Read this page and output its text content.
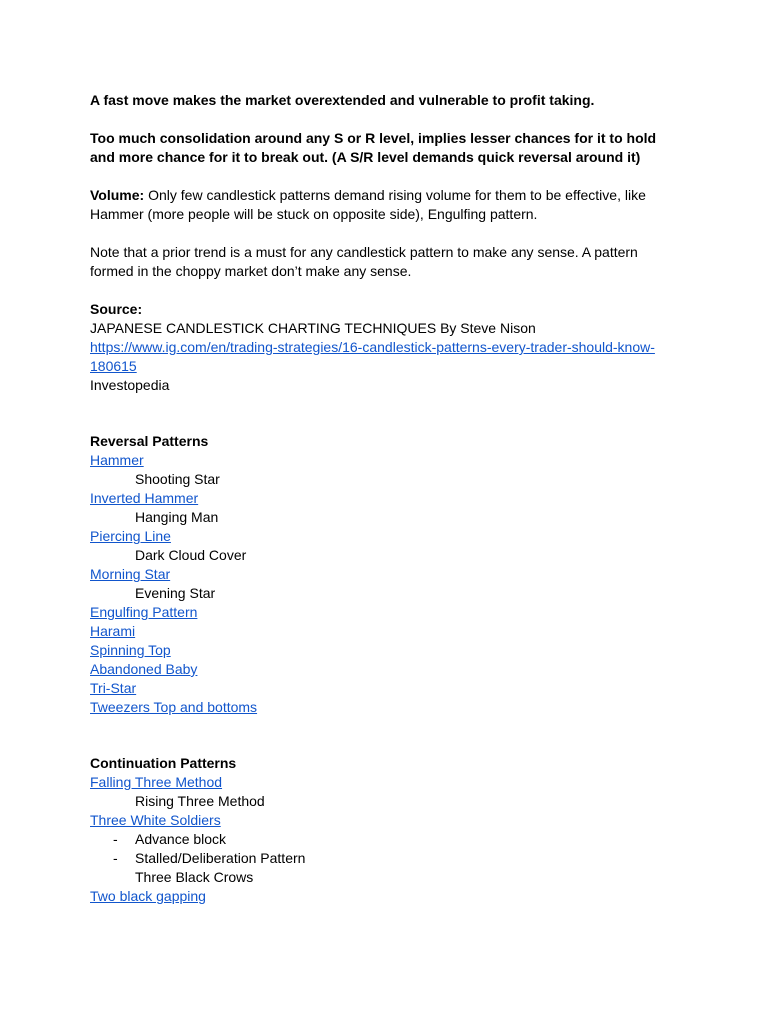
A fast move makes the market overextended and vulnerable to profit taking.
Too much consolidation around any S or R level, implies lesser chances for it to hold
and more chance for it to break out. (A S/R level demands quick reversal around it)
Volume: Only few candlestick patterns demand rising volume for them to be effective, like
Hammer (more people will be stuck on opposite side), Engulfing pattern.
Note that a prior trend is a must for any candlestick pattern to make any sense. A pattern
formed in the choppy market don’t make any sense.
Source:
JAPANESE CANDLESTICK CHARTING TECHNIQUES By Steve Nison
https://www.ig.com/en/trading-strategies/16-candlestick-patterns-every-trader-should-know-
180615
Investopedia
Reversal Patterns
Hammer
Shooting Star
Inverted Hammer
Hanging Man
Piercing Line
Dark Cloud Cover
Morning Star
Evening Star
Engulfing Pattern
Harami
Spinning Top
Abandoned Baby
Tri-Star
Tweezers Top and bottoms
Continuation Patterns
Falling Three Method
Rising Three Method
Three White Soldiers
- Advance block
- Stalled/Deliberation Pattern
Three Black Crows
Two black gapping
